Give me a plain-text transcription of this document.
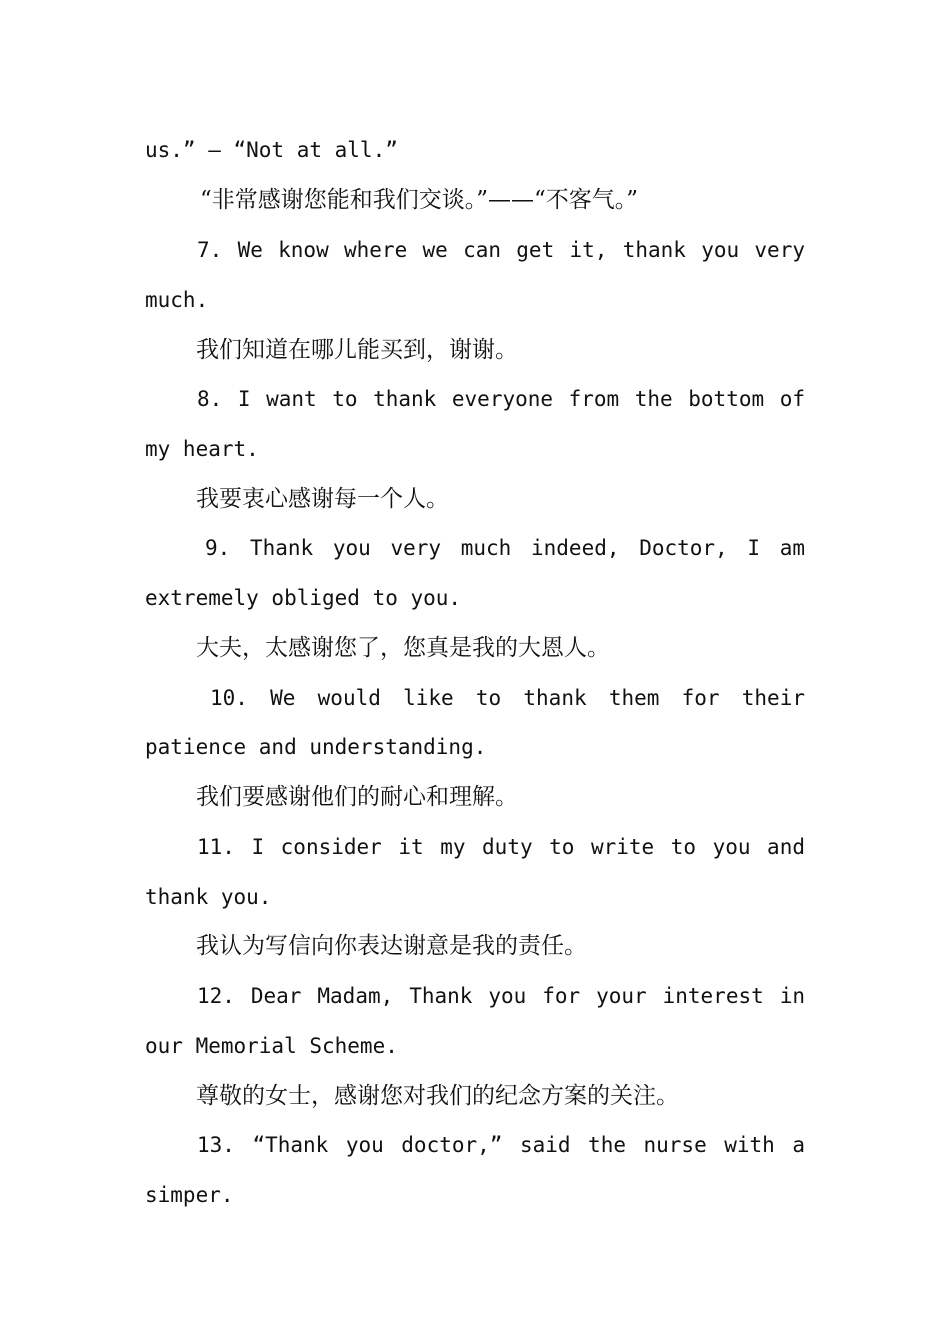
us.” — “Not at all.”
“非常感谢您能和我们交谈。”——“不客气。”
7. We know where we can get it, thank you very
much.
我们知道在哪儿能买到，谢谢。
8. I want to thank everyone from the bottom of
my heart.
我要衷心感谢每一个人。
9. Thank you very much indeed, Doctor, I am
extremely obliged to you.
大夫，太感谢您了，您真是我的大恩人。
10. We would like to thank them for their
patience and understanding.
我们要感谢他们的耐心和理解。
11. I consider it my duty to write to you and
thank you.
我认为写信向你表达谢意是我的责任。
12. Dear Madam, Thank you for your interest in
our Memorial Scheme.
尊敬的女士，感谢您对我们的纪念方案的关注。
13. “Thank you doctor,” said the nurse with a
simper.
